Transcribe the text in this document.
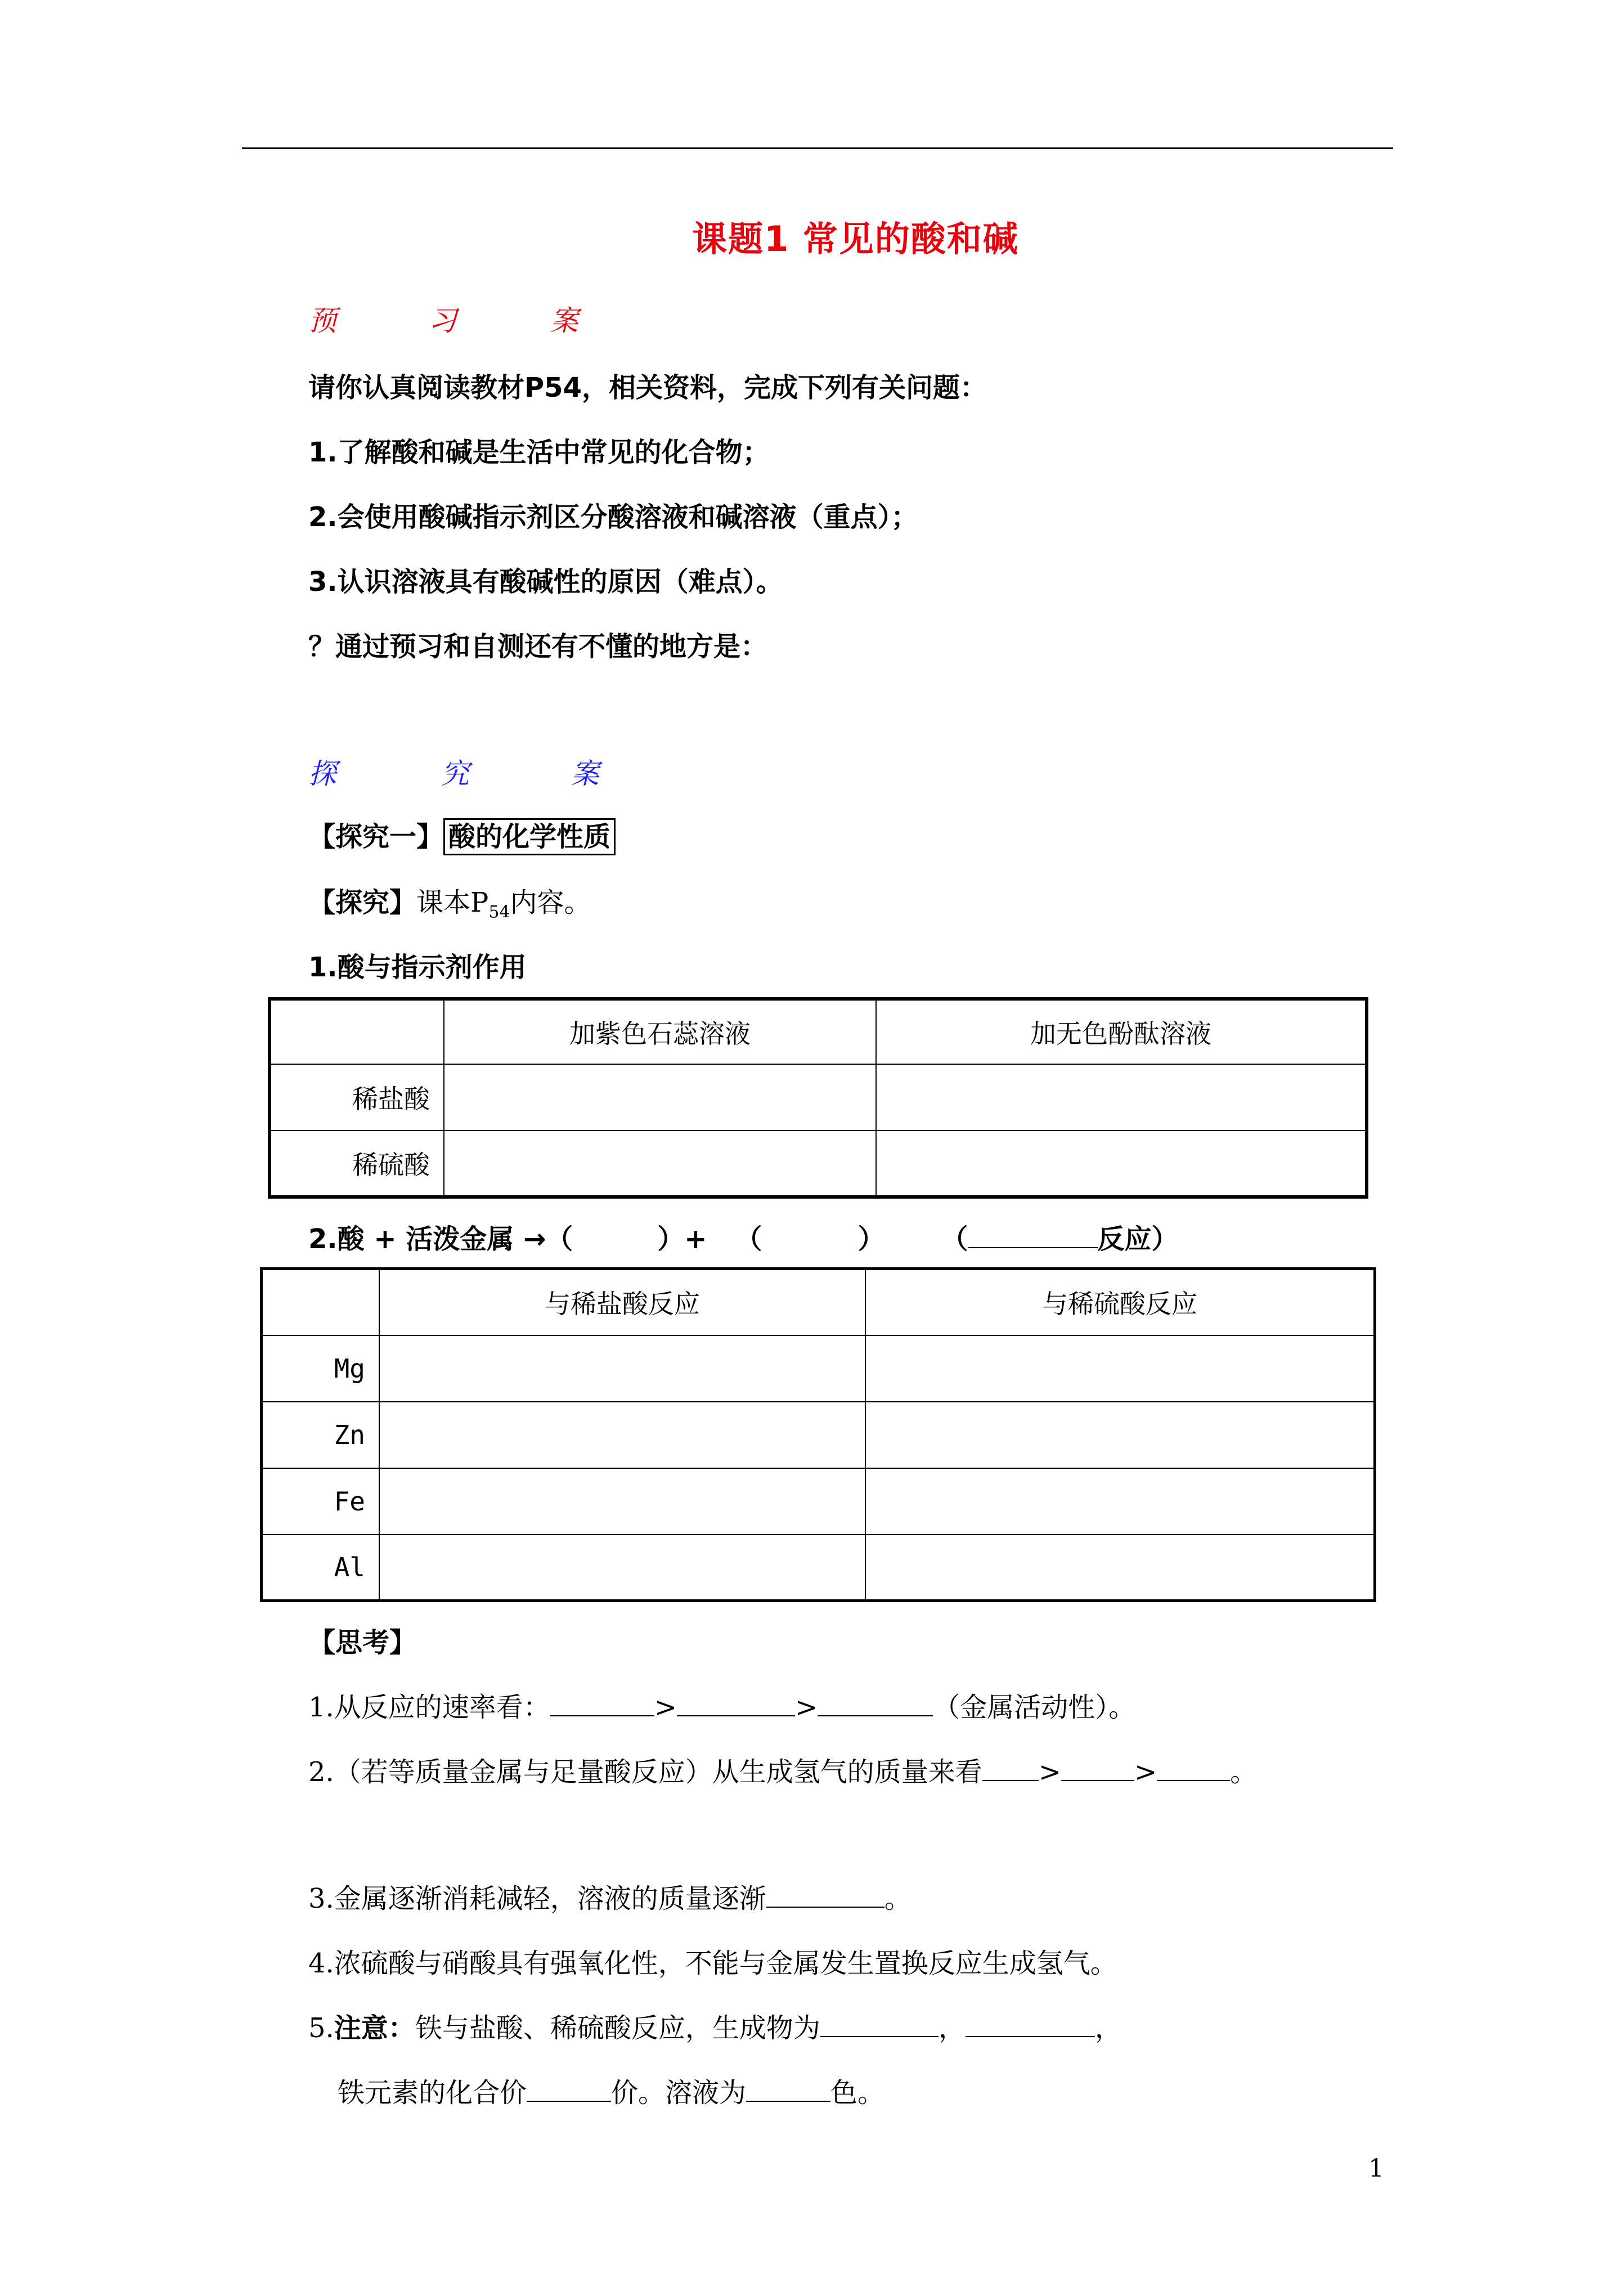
课题1 常见的酸和碱
预	习	案
请你认真阅读教材P54，相关资料，完成下列有关问题：
1.了解酸和碱是生活中常见的化合物；
2.会使用酸碱指示剂区分酸溶液和碱溶液（重点）；
3.认识溶液具有酸碱性的原因（难点）。
？通过预习和自测还有不懂的地方是：
探	究	案
【探究一】 酸的化学性质
【探究】课本$P_{54}$内容。
1.酸与指示剂作用
	加紫色石蕊溶液	加无色酚酞溶液
稀盐酸		
稀硫酸		
2.酸 + 活泼金属 →（	）+ （	） （	反应）
	与稀盐酸反应	与稀硫酸反应
Mg		
Zn		
Fe		
Al		
【思考】
1.从反应的速率看：	>	>	（金属活动性）。
2.（若等质量金属与足量酸反应）从生成氢气的质量来看 >	>	。
3.金属逐渐消耗减轻，溶液的质量逐渐	。
4.浓硫酸与硝酸具有强氧化性，不能与金属发生置换反应生成氢气。
5.注意：铁与盐酸、稀硫酸反应，生成物为	，	，
铁元素的化合价	价。溶液为	色。
1
